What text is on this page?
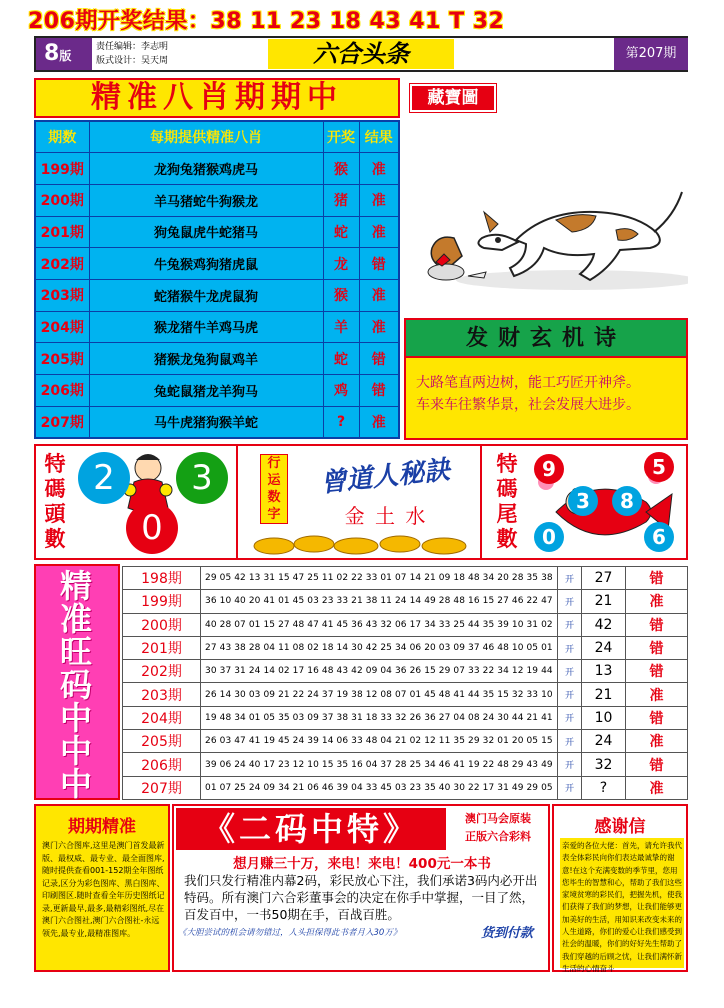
206期开奖结果：38 11 23 18 43 41 T 32
8版
责任编辑：李志明
版式设计：吴天周	六合头条	第207期
精准八肖期期中	藏寶圖
期数	每期提供精准八肖	开奖	结果
199期	龙狗兔猪猴鸡虎马	猴	准
200期	羊马猪蛇牛狗猴龙	猪	准
201期	狗兔鼠虎牛蛇猪马	蛇	准
202期	牛兔猴鸡狗猪虎鼠	龙	错
203期	蛇猪猴牛龙虎鼠狗	猴	准
204期	猴龙猪牛羊鸡马虎	羊	准
205期	猪猴龙兔狗鼠鸡羊	蛇	错
206期	兔蛇鼠猪龙羊狗马	鸡	错
207期	马牛虎猪狗猴羊蛇	?	准
发财玄机诗
大路笔直两边树，能工巧匠开神斧。
车来车往繁华景，社会发展大进步。
特
碼
頭
數
2	3
0
行
运
数
字
曾道人秘訣
金 土 水
特
碼
尾
數
9	5
3	8
0	6
精
准
旺
码
中
中
中
198期	29 05 42 13 31 15 47 25 11 02 22 33 01 07 14 21 09 18 48 34 20 28 35 38	开	27	错
199期	36 10 40 20 41 01 45 03 23 33 21 38 11 24 14 49 28 48 16 15 27 46 22 47	开	21	准
200期	40 28 07 01 15 27 48 47 41 45 36 43 32 06 17 34 33 25 44 35 39 10 31 02	开	42	错
201期	27 43 38 28 04 11 08 02 18 14 30 42 25 34 06 20 03 09 37 46 48 10 05 01	开	24	错
202期	30 37 31 24 14 02 17 16 48 43 42 09 04 36 26 15 29 07 33 22 34 12 19 44	开	13	错
203期	26 14 30 03 09 21 22 24 37 19 38 12 08 07 01 45 48 41 44 35 15 32 33 10	开	21	准
204期	19 48 34 01 05 35 03 09 37 38 31 18 33 32 26 36 27 04 08 24 30 44 21 41	开	10	错
205期	26 03 47 41 19 45 24 39 14 06 33 48 04 21 02 12 11 35 29 32 01 20 05 15	开	24	准
206期	39 06 24 40 17 23 12 10 15 35 16 04 37 28 25 34 46 41 19 22 48 29 43 49	开	32	错
207期	01 07 25 24 09 34 21 06 46 39 04 33 45 03 23 35 40 30 22 17 31 49 29 05	开	?	准
期期精准
澳门六合图库,这里是澳门首发最新版、最权威、最专业、最全面图库,随时提供查看001-152期全年图纸记录,区分为彩色图库、黑白图库、印刷图区.随时查看全年历史图纸记录,更新最早,最多,最精彩图纸,尽在澳门六合图社,澳门六合图社-永远领先,最专业,最精准图库。
《二码中特》	澳门马会原装
正版六合彩料
想月赚三十万，来电！来电！400元一本书
我们只发行精准内幕2码，彩民放心下注，我们承诺3码内必开出特码。所有澳门六合彩董事会的决定在你手中掌握，一目了然，百发百中，一书50期在手，百战百胜。
《大胆尝试的机会请勿错过，人头担保得此书者月入30万》	货到付款
感谢信
亲爱的各位大佬：首先，请允许我代表全体彩民向你们表达最诚挚的谢意!在这个充满变数的季节里，您用您毕生的智慧和心，帮助了我们这些家境贫寒的彩民们，把握先机，使我们获得了我们的梦想，让我们能够更加美好的生活，用知识来改变未来的人生道路，你们的爱心让我们感受到社会的温暖，你们的好好先生帮助了我们穿越的后顾之忧，让我们满怀新生活的心情奋斗
